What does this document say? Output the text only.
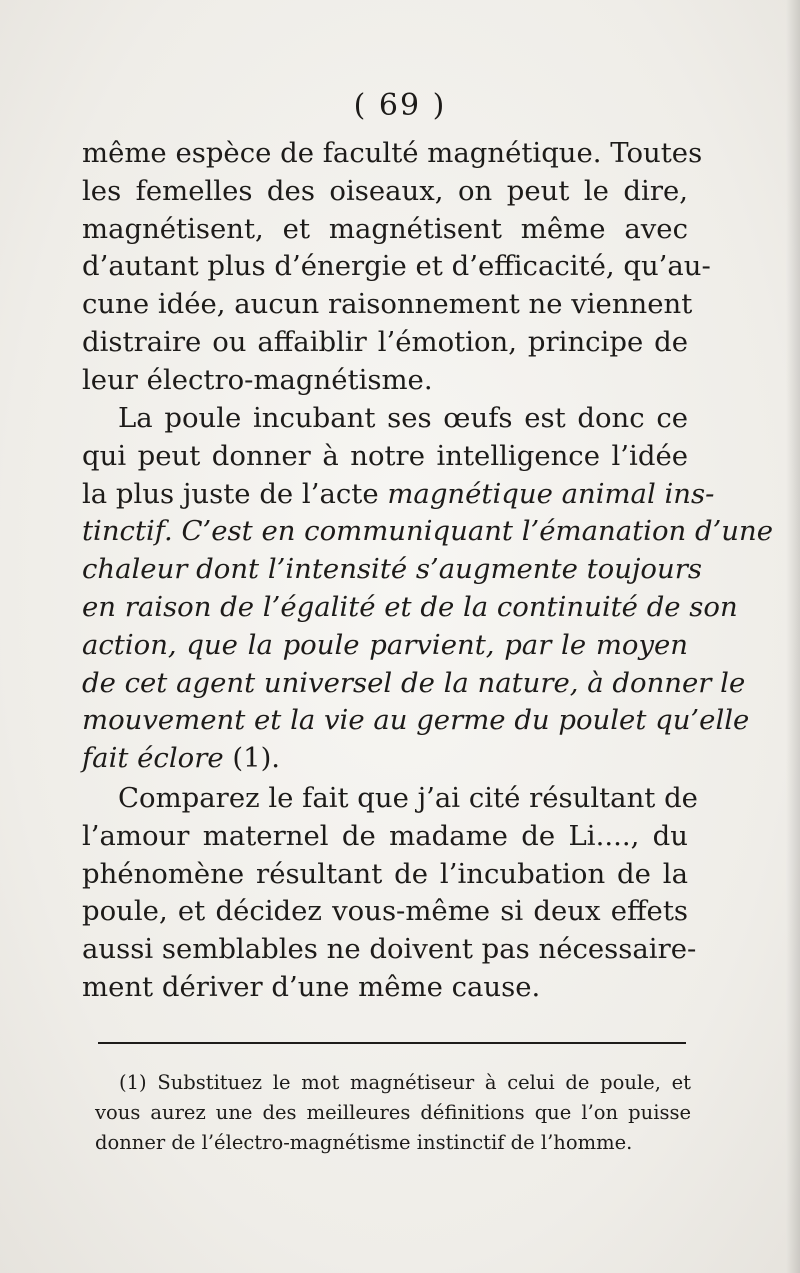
( 69 )
même espèce de faculté magnétique. Toutes
les femelles des oiseaux, on peut le dire,
magnétisent, et magnétisent même avec
d’autant plus d’énergie et d’efficacité, qu’au-
cune idée, aucun raisonnement ne viennent
distraire ou affaiblir l’émotion, principe de
leur électro-magnétisme.
La poule incubant ses œufs est donc ce
qui peut donner à notre intelligence l’idée
la plus juste de l’acte magnétique animal ins-
tinctif. C’est en communiquant l’émanation d’une
chaleur dont l’intensité s’augmente toujours
en raison de l’égalité et de la continuité de son
action, que la poule parvient, par le moyen
de cet agent universel de la nature, à donner le
mouvement et la vie au germe du poulet qu’elle
fait éclore (1).
Comparez le fait que j’ai cité résultant de
l’amour maternel de madame de Li...., du
phénomène résultant de l’incubation de la
poule, et décidez vous-même si deux effets
aussi semblables ne doivent pas nécessaire-
ment dériver d’une même cause.
(1) Substituez le mot magnétiseur à celui de poule, et
vous aurez une des meilleures définitions que l’on puisse
donner de l’électro-magnétisme instinctif de l’homme.
